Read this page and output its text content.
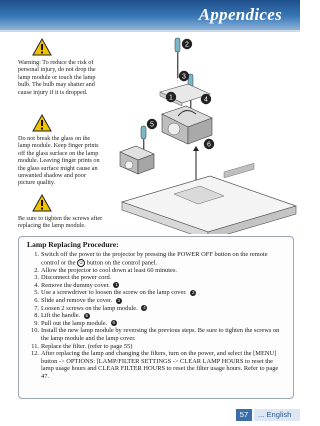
Appendices

Warning: To reduce the risk of personal injury, do not drop the lamp module or touch the lamp bulb. The bulb may shatter and cause injury if it is dropped.

Do not break the glass on the lamp module. Keep finger prints off the glass surface on the lamp module. Leaving finger prints on the glass surface might cause an unwanted shadow and poor picture quality.

Be sure to tighten the screws after replacing the lamp module.

2
3
1	4
5
6
Lamp Replacing Procedure:
1. Switch off the power to the projector by pressing the POWER OFF button on the remote control or the ⏻ button on the control panel.
2. Allow the projector to cool down at least 60 minutes.
3. Disconnect the power cord.
4. Remove the dummy cover. 1
5. Use a screwdriver to loosen the screw on the lamp cover. 2
6. Slide and remove the cover. 3
7. Loosen 2 screws on the lamp module. 4
8. Lift the handle. 5
9. Pull out the lamp module. 6
10. Install the new lamp module by reversing the previous steps. Be sure to tighten the screws on the lamp module and the lamp cover.
11. Replace the filter. (refer to page 55)
12. After replacing the lamp and changing the filters, turn on the power, and select the [MENU] button -> OPTIONS: [LAMP/FILTER SETTINGS -> CLEAR LAMP HOURS to reset the lamp usage hours and CLEAR FILTER HOURS to reset the filter usage hours. Refer to page 47.
57	... English
